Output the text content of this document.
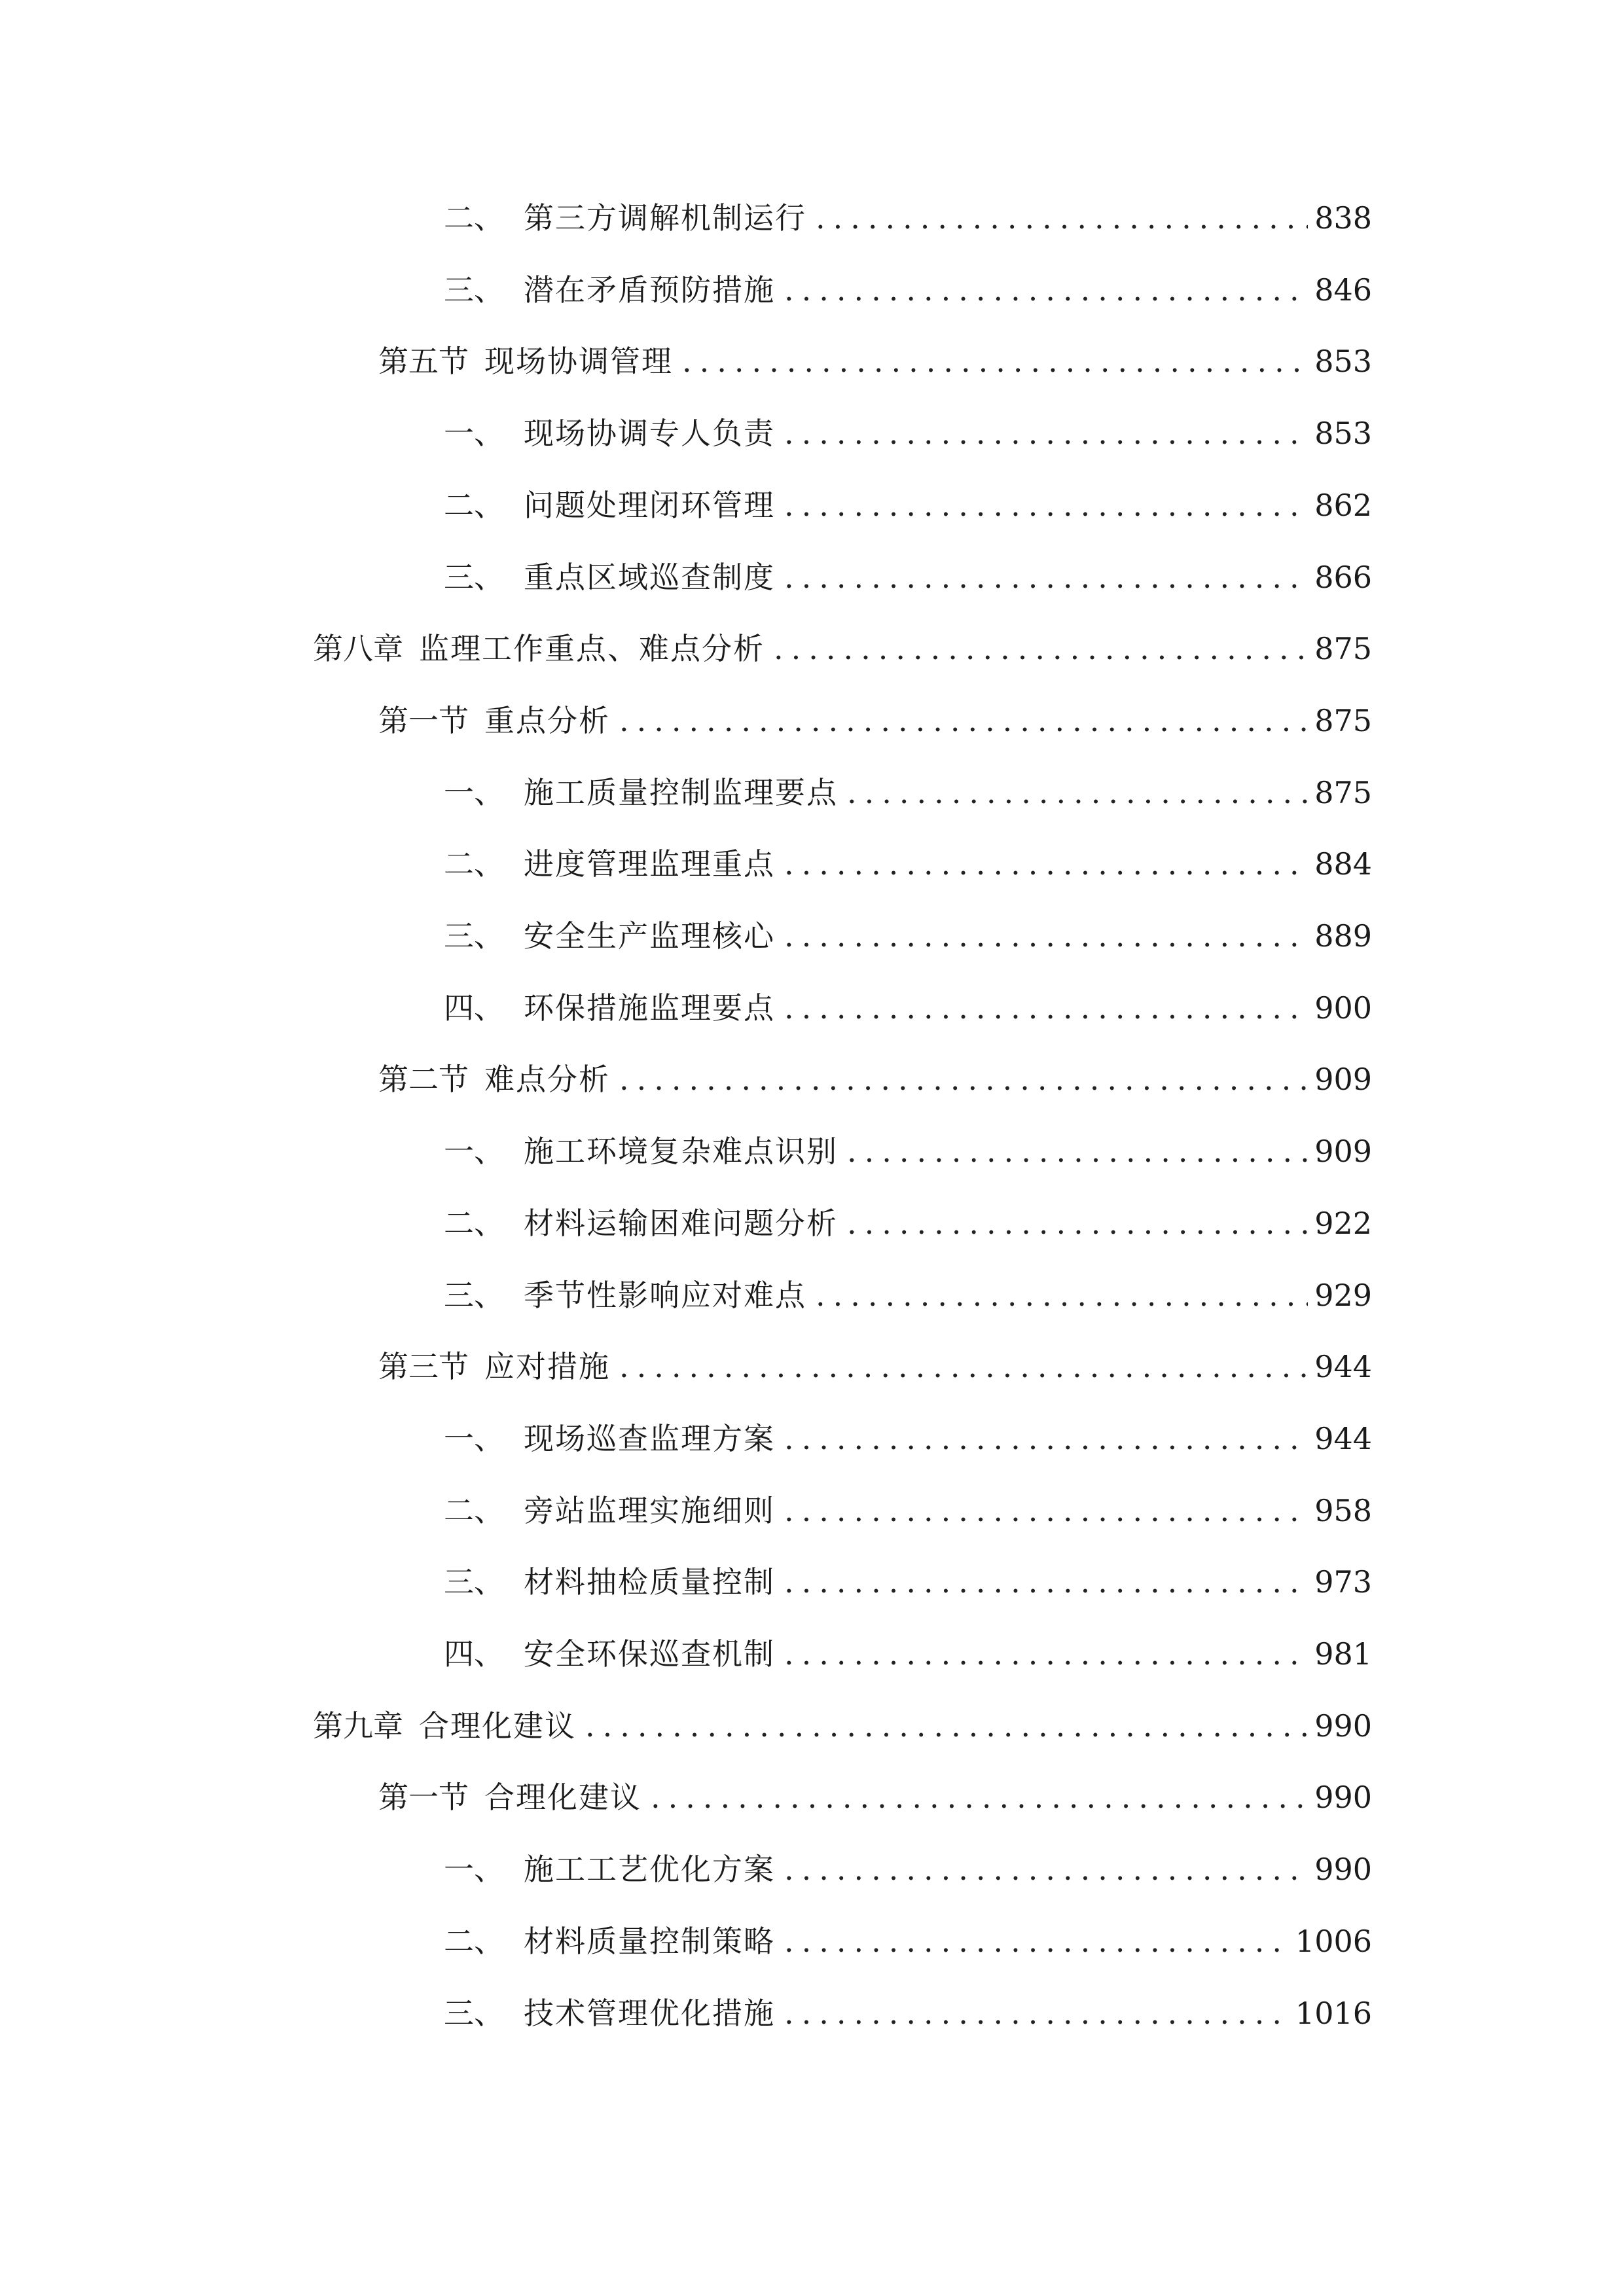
二、 第三方调解机制运行 .....	838
三、 潜在矛盾预防措施 .....	846
第五节 现场协调管理 .....	853
一、 现场协调专人负责 .....	853
二、 问题处理闭环管理 .....	862
三、 重点区域巡查制度 .....	866
第八章 监理工作重点、难点分析 .....	875
第一节 重点分析 .....	875
一、 施工质量控制监理要点 .....	875
二、 进度管理监理重点 .....	884
三、 安全生产监理核心 .....	889
四、 环保措施监理要点 .....	900
第二节 难点分析 .....	909
一、 施工环境复杂难点识别 .....	909
二、 材料运输困难问题分析 .....	922
三、 季节性影响应对难点 .....	929
第三节 应对措施 .....	944
一、 现场巡查监理方案 .....	944
二、 旁站监理实施细则 .....	958
三、 材料抽检质量控制 .....	973
四、 安全环保巡查机制 .....	981
第九章 合理化建议 .....	990
第一节 合理化建议 .....	990
一、 施工工艺优化方案 .....	990
二、 材料质量控制策略 .....	1006
三、 技术管理优化措施 .....	1016
